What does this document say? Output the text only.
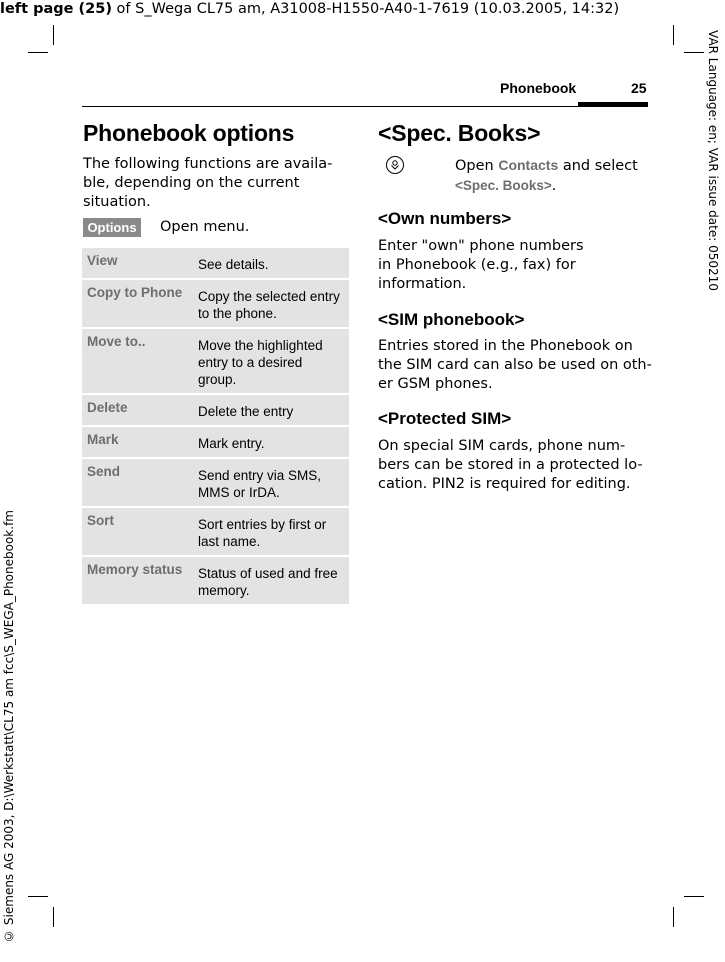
left page (25) of S_Wega CL75 am, A31008-H1550-A40-1-7619 (10.03.2005, 14:32)
VAR Language: en; VAR issue date: 050210
© Siemens AG 2003, D:\Werkstatt\CL75 am fcc\S_WEGA_Phonebook.fm
Phonebook	25
Phonebook options
The following functions are availa-
ble, depending on the current
situation.
Options	Open menu.
View	See details.

Copy to Phone	Copy the selected entry
to the phone.

Move to..	Move the highlighted
entry to a desired
group.

Delete	Delete the entry

Mark	Mark entry.

Send	Send entry via SMS,
MMS or IrDA.

Sort	Sort entries by first or
last name.

Memory status	Status of used and free
memory.
<Spec. Books>
Open Contacts and select
<Spec. Books>.
<Own numbers>
Enter "own" phone numbers
in Phonebook (e.g., fax) for
information.
<SIM phonebook>
Entries stored in the Phonebook on
the SIM card can also be used on oth-
er GSM phones.
<Protected SIM>
On special SIM cards, phone num-
bers can be stored in a protected lo-
cation. PIN2 is required for editing.
